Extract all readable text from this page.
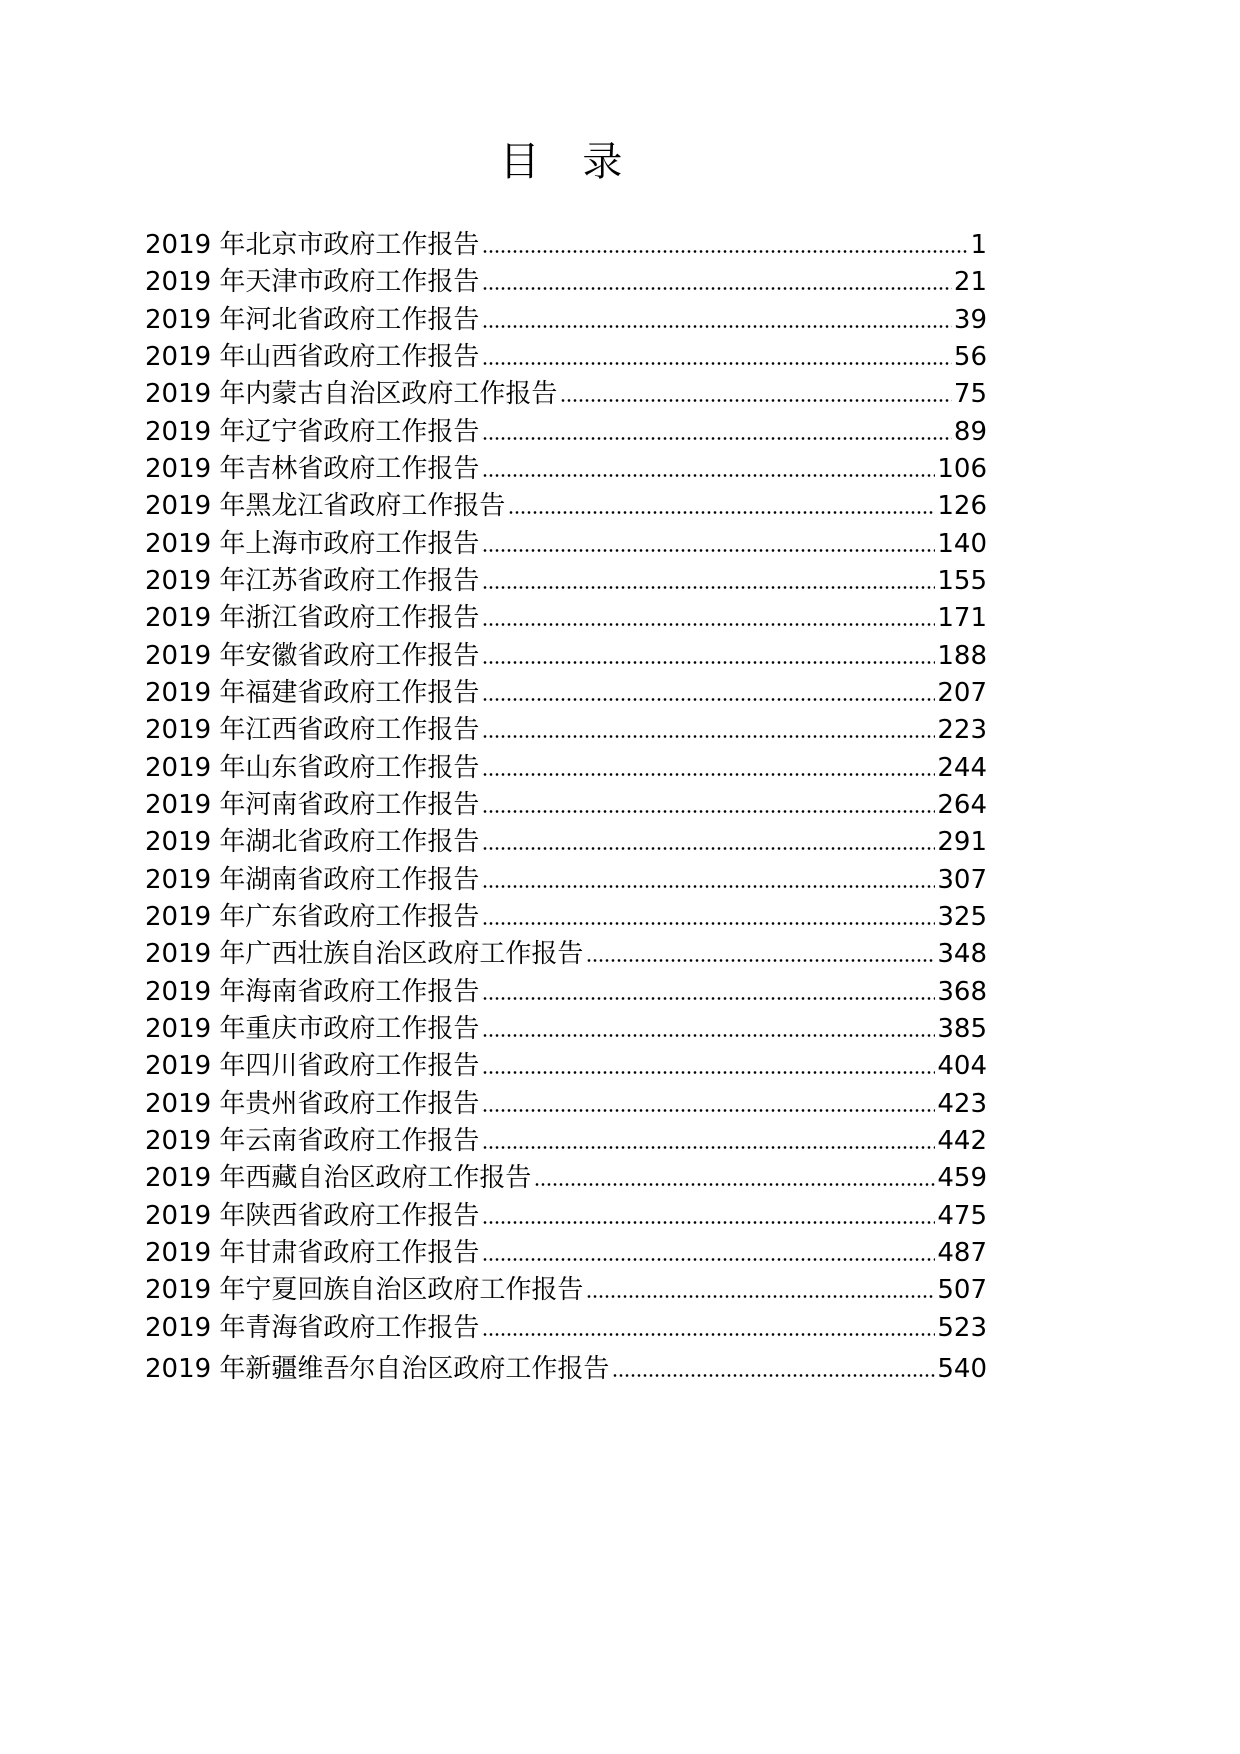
目 录
2019 年北京市政府工作报告	1
2019 年天津市政府工作报告	21
2019 年河北省政府工作报告	39
2019 年山西省政府工作报告	56
2019 年内蒙古自治区政府工作报告	75
2019 年辽宁省政府工作报告	89
2019 年吉林省政府工作报告	106
2019 年黑龙江省政府工作报告	126
2019 年上海市政府工作报告	140
2019 年江苏省政府工作报告	155
2019 年浙江省政府工作报告	171
2019 年安徽省政府工作报告	188
2019 年福建省政府工作报告	207
2019 年江西省政府工作报告	223
2019 年山东省政府工作报告	244
2019 年河南省政府工作报告	264
2019 年湖北省政府工作报告	291
2019 年湖南省政府工作报告	307
2019 年广东省政府工作报告	325
2019 年广西壮族自治区政府工作报告	348
2019 年海南省政府工作报告	368
2019 年重庆市政府工作报告	385
2019 年四川省政府工作报告	404
2019 年贵州省政府工作报告	423
2019 年云南省政府工作报告	442
2019 年西藏自治区政府工作报告	459
2019 年陕西省政府工作报告	475
2019 年甘肃省政府工作报告	487
2019 年宁夏回族自治区政府工作报告	507
2019 年青海省政府工作报告	523
2019 年新疆维吾尔自治区政府工作报告	540
